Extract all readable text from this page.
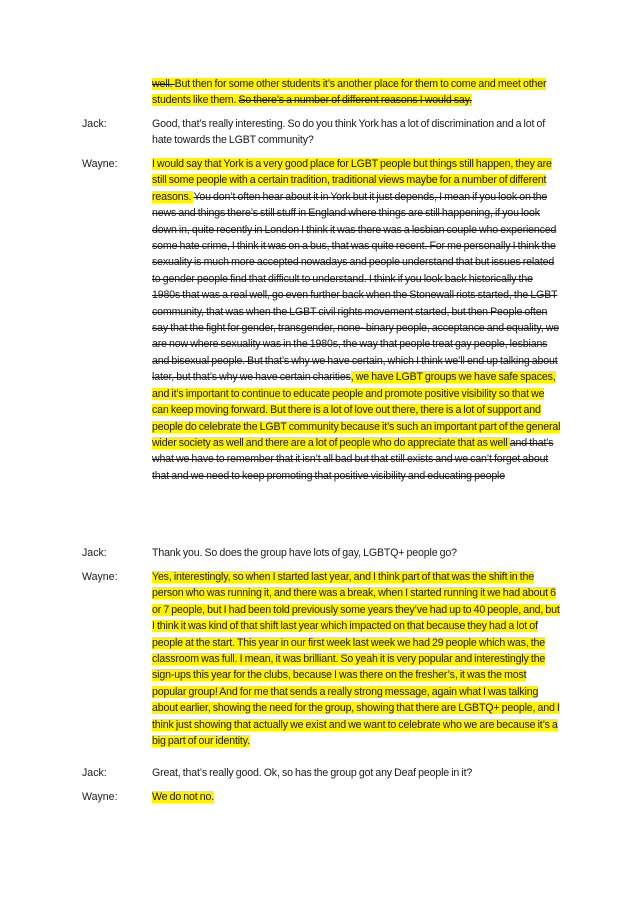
well. But then for some other students it’s another place for them to come and meet other students like them. So there’s a number of different reasons I would say.
Jack:	Good, that’s really interesting. So do you think York has a lot of discrimination and a lot of hate towards the LGBT community?
Wayne:	I would say that York is a very good place for LGBT people but things still happen, they are still some people with a certain tradition, traditional views maybe for a number of different reasons. You don’t often hear about it in York but it just depends, I mean if you look on the news and things there’s still stuff in England where things are still happening, if you look down in, quite recently in London I think it was there was a lesbian couple who experienced some hate crime, I think it was on a bus, that was quite recent. For me personally I think the sexuality is much more accepted nowadays and people understand that but issues related to gender people find that difficult to understand. I think if you look back historically the 1980s that was a real well, go even further back when the Stonewall riots started, the LGBT community, that was when the LGBT civil rights movement started, but then People often say that the fight for gender, transgender, none- binary people, acceptance and equality, we are now where sexuality was in the 1980s, the way that people treat gay people, lesbians and bisexual people. But that’s why we have certain, which I think we’ll end up talking about later, but that’s why we have certain charities, we have LGBT groups we have safe spaces, and it’s important to continue to educate people and promote positive visibility so that we can keep moving forward. But there is a lot of love out there, there is a lot of support and people do celebrate the LGBT community because it’s such an important part of the general wider society as well and there are a lot of people who do appreciate that as well and that’s what we have to remember that it isn’t all bad but that still exists and we can’t forget about that and we need to keep promoting that positive visibility and educating people
Jack:	Thank you. So does the group have lots of gay, LGBTQ+ people go?
Wayne:	Yes, interestingly, so when I started last year, and I think part of that was the shift in the person who was running it, and there was a break, when I started running it we had about 6 or 7 people, but I had been told previously some years they’ve had up to 40 people, and, but I think it was kind of that shift last year which impacted on that because they had a lot of people at the start. This year in our first week last week we had 29 people which was, the classroom was full. I mean, it was brilliant. So yeah it is very popular and interestingly the sign-ups this year for the clubs, because I was there on the fresher’s, it was the most popular group! And for me that sends a really strong message, again what I was talking about earlier, showing the need for the group, showing that there are LGBTQ+ people, and I think just showing that actually we exist and we want to celebrate who we are because it’s a big part of our identity.
Jack:	Great, that’s really good. Ok, so has the group got any Deaf people in it?
Wayne:	We do not no.
